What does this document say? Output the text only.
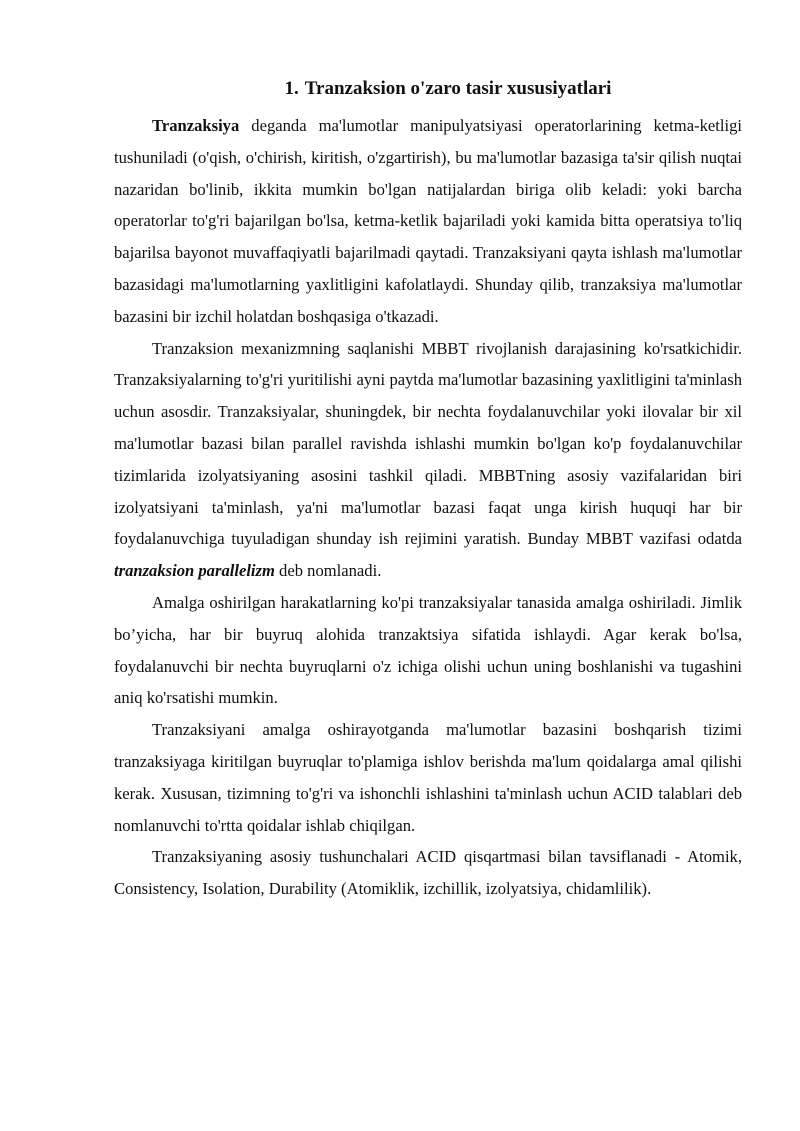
1. Tranzaksion o'zaro tasir xususiyatlari

Tranzaksiya deganda ma'lumotlar manipulyatsiyasi operatorlarining ketma-ketligi tushuniladi (o'qish, o'chirish, kiritish, o'zgartirish), bu ma'lumotlar bazasiga ta'sir qilish nuqtai nazaridan bo'linib, ikkita mumkin bo'lgan natijalardan biriga olib keladi: yoki barcha operatorlar to'g'ri bajarilgan bo'lsa, ketma-ketlik bajariladi yoki kamida bitta operatsiya to'liq bajarilsa bayonot muvaffaqiyatli bajarilmadi qaytadi. Tranzaksiyani qayta ishlash ma'lumotlar bazasidagi ma'lumotlarning yaxlitligini kafolatlaydi. Shunday qilib, tranzaksiya ma'lumotlar bazasini bir izchil holatdan boshqasiga o'tkazadi.

Tranzaksion mexanizmning saqlanishi MBBT rivojlanish darajasining ko'rsatkichidir. Tranzaksiyalarning to'g'ri yuritilishi ayni paytda ma'lumotlar bazasining yaxlitligini ta'minlash uchun asosdir. Tranzaksiyalar, shuningdek, bir nechta foydalanuvchilar yoki ilovalar bir xil ma'lumotlar bazasi bilan parallel ravishda ishlashi mumkin bo'lgan ko'p foydalanuvchilar tizimlarida izolyatsiyaning asosini tashkil qiladi. MBBTning asosiy vazifalaridan biri izolyatsiyani ta'minlash, ya'ni ma'lumotlar bazasi faqat unga kirish huquqi har bir foydalanuvchiga tuyuladigan shunday ish rejimini yaratish. Bunday MBBT vazifasi odatda tranzaksion parallelizm deb nomlanadi.

Amalga oshirilgan harakatlarning ko'pi tranzaksiyalar tanasida amalga oshiriladi. Jimlik bo’yicha, har bir buyruq alohida tranzaktsiya sifatida ishlaydi. Agar kerak bo'lsa, foydalanuvchi bir nechta buyruqlarni o'z ichiga olishi uchun uning boshlanishi va tugashini aniq ko'rsatishi mumkin.

Tranzaksiyani amalga oshirayotganda ma'lumotlar bazasini boshqarish tizimi tranzaksiyaga kiritilgan buyruqlar to'plamiga ishlov berishda ma'lum qoidalarga amal qilishi kerak. Xususan, tizimning to'g'ri va ishonchli ishlashini ta'minlash uchun ACID talablari deb nomlanuvchi to'rtta qoidalar ishlab chiqilgan.

Tranzaksiyaning asosiy tushunchalari ACID qisqartmasi bilan tavsiflanadi - Atomik, Consistency, Isolation, Durability (Atomiklik, izchillik, izolyatsiya, chidamlilik).
